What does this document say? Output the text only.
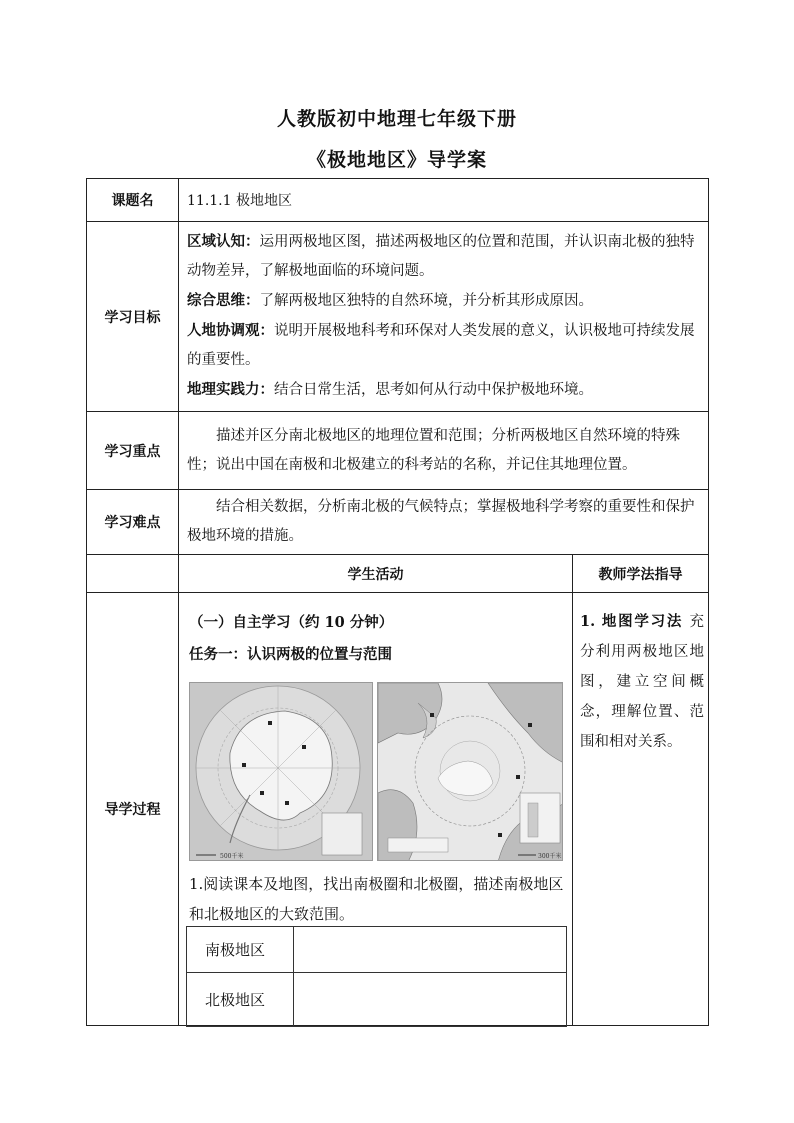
人教版初中地理七年级下册
《极地地区》导学案
课题名 11.1.1 极地地区
学习目标
区域认知：运用两极地区图，描述两极地区的位置和范围，并认识南北极的独特动物差异，了解极地面临的环境问题。
综合思维：了解两极地区独特的自然环境，并分析其形成原因。
人地协调观：说明开展极地科考和环保对人类发展的意义，认识极地可持续发展的重要性。
地理实践力：结合日常生活，思考如何从行动中保护极地环境。
学习重点
描述并区分南北极地区的地理位置和范围；分析两极地区自然环境的特殊性；说出中国在南极和北极建立的科考站的名称，并记住其地理位置。
学习难点
结合相关数据，分析南北极的气候特点；掌握极地科学考察的重要性和保护极地环境的措施。
学生活动	教师学法指导
导学过程
（一）自主学习（约 10 分钟）
任务一：认识两极的位置与范围
500千米	300千米
1.阅读课本及地图，找出南极圈和北极圈，描述南极地区和北极地区的大致范围。
南极地区
北极地区
1. 地图学习法 充分利用两极地区地图，建立空间概念，理解位置、范围和相对关系。
